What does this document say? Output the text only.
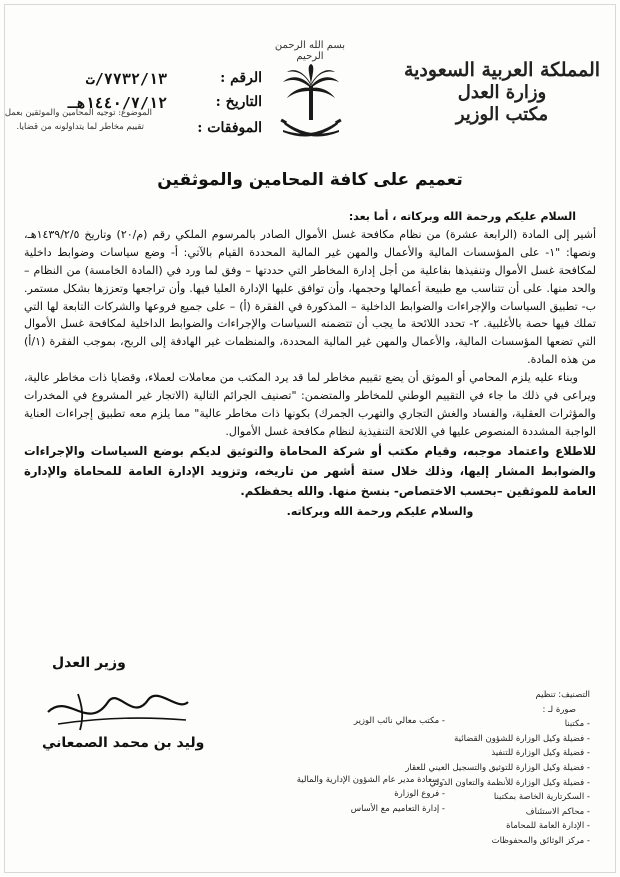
بسم الله الرحمن الرحيم
المملكة العربية السعودية
وزارة العدل
مكتب الوزير
الرقم :
٧٧٣٢/١٣/ت
التاريخ :
١٤٤٠/٧/١٢هـ
الموفقات :
الموضوع: توجيه المحامين والموثقين بعمل
تقييم مخاطر لما يتداولونه من قضايا.
تعميم على كافة المحامين والموثقين

السلام عليكم ورحمة الله وبركاته ، أما بعد:

أشير إلى المادة (الرابعة عشرة) من نظام مكافحة غسل الأموال الصادر بالمرسوم الملكي رقم (م/٢٠) وتاريخ ١٤٣٩/٢/٥هـ، ونصها: "١- على المؤسسات المالية والأعمال والمهن غير المالية المحددة القيام بالآتي: أ- وضع سياسات وضوابط داخلية لمكافحة غسل الأموال وتنفيذها بفاعلية من أجل إدارة المخاطر التي حددتها – وفق لما ورد في (المادة الخامسة) من النظام – والحد منها. على أن تتناسب مع طبيعة أعمالها وحجمها، وأن توافق عليها الإدارة العليا فيها. وأن تراجعها وتعززها بشكل مستمر. ب- تطبيق السياسات والإجراءات والضوابط الداخلية – المذكورة في الفقرة (أ) – على جميع فروعها والشركات التابعة لها التي تملك فيها حصة بالأغلبية. ٢- تحدد اللائحة ما يجب أن تتضمنه السياسات والإجراءات والضوابط الداخلية لمكافحة غسل الأموال التي تضعها المؤسسات المالية، والأعمال والمهن غير المالية المحددة، والمنظمات غير الهادفة إلى الربح، بموجب الفقرة (١/أ) من هذه المادة.

وبناء عليه يلزم المحامي أو الموثق أن يضع تقييم مخاطر لما قد يرد المكتب من معاملات لعملاء، وقضايا ذات مخاطر عالية، ويراعى في ذلك ما جاء في التقييم الوطني للمخاطر والمتضمن: "تصنيف الجرائم التالية (الاتجار غير المشروع في المخدرات والمؤثرات العقلية، والفساد والغش التجاري والتهرب الجمرك) بكونها ذات مخاطر عالية" مما يلزم معه تطبيق إجراءات العناية الواجبة المشددة المنصوص عليها في اللائحة التنفيذية لنظام مكافحة غسل الأموال.

للاطلاع واعتماد موجبه، وقيام مكتب أو شركة المحاماة والتوثيق لديكم بوضع السياسات والإجراءات والضوابط المشار إليها، وذلك خلال ستة أشهر من تاريخه، وتزويد الإدارة العامة للمحاماة والإدارة العامة للموثقين –بحسب الاختصاص- بنسخ منها. والله يحفظكم.

والسلام عليكم ورحمة الله وبركاته.

وزير العدل
وليد بن محمد الصمعاني
التصنيف: تنظيم
صورة لـ :
- مكتبنا
- فضيلة وكيل الوزارة للشؤون القضائية
- فضيلة وكيل الوزارة للتنفيذ
- فضيلة وكيل الوزارة للتوثيق والتسجيل العيني للعقار
- فضيلة وكيل الوزارة للأنظمة والتعاون الدولي
- السكرتارية الخاصة بمكتبنا
- محاكم الاستئناف
- الإدارة العامة للمحاماة
- مركز الوثائق والمحفوظات
- مكتب معالي نائب الوزير
- سعادة مدير عام الشؤون الإدارية والمالية
- فروع الوزارة
- إدارة التعاميم مع الأساس
